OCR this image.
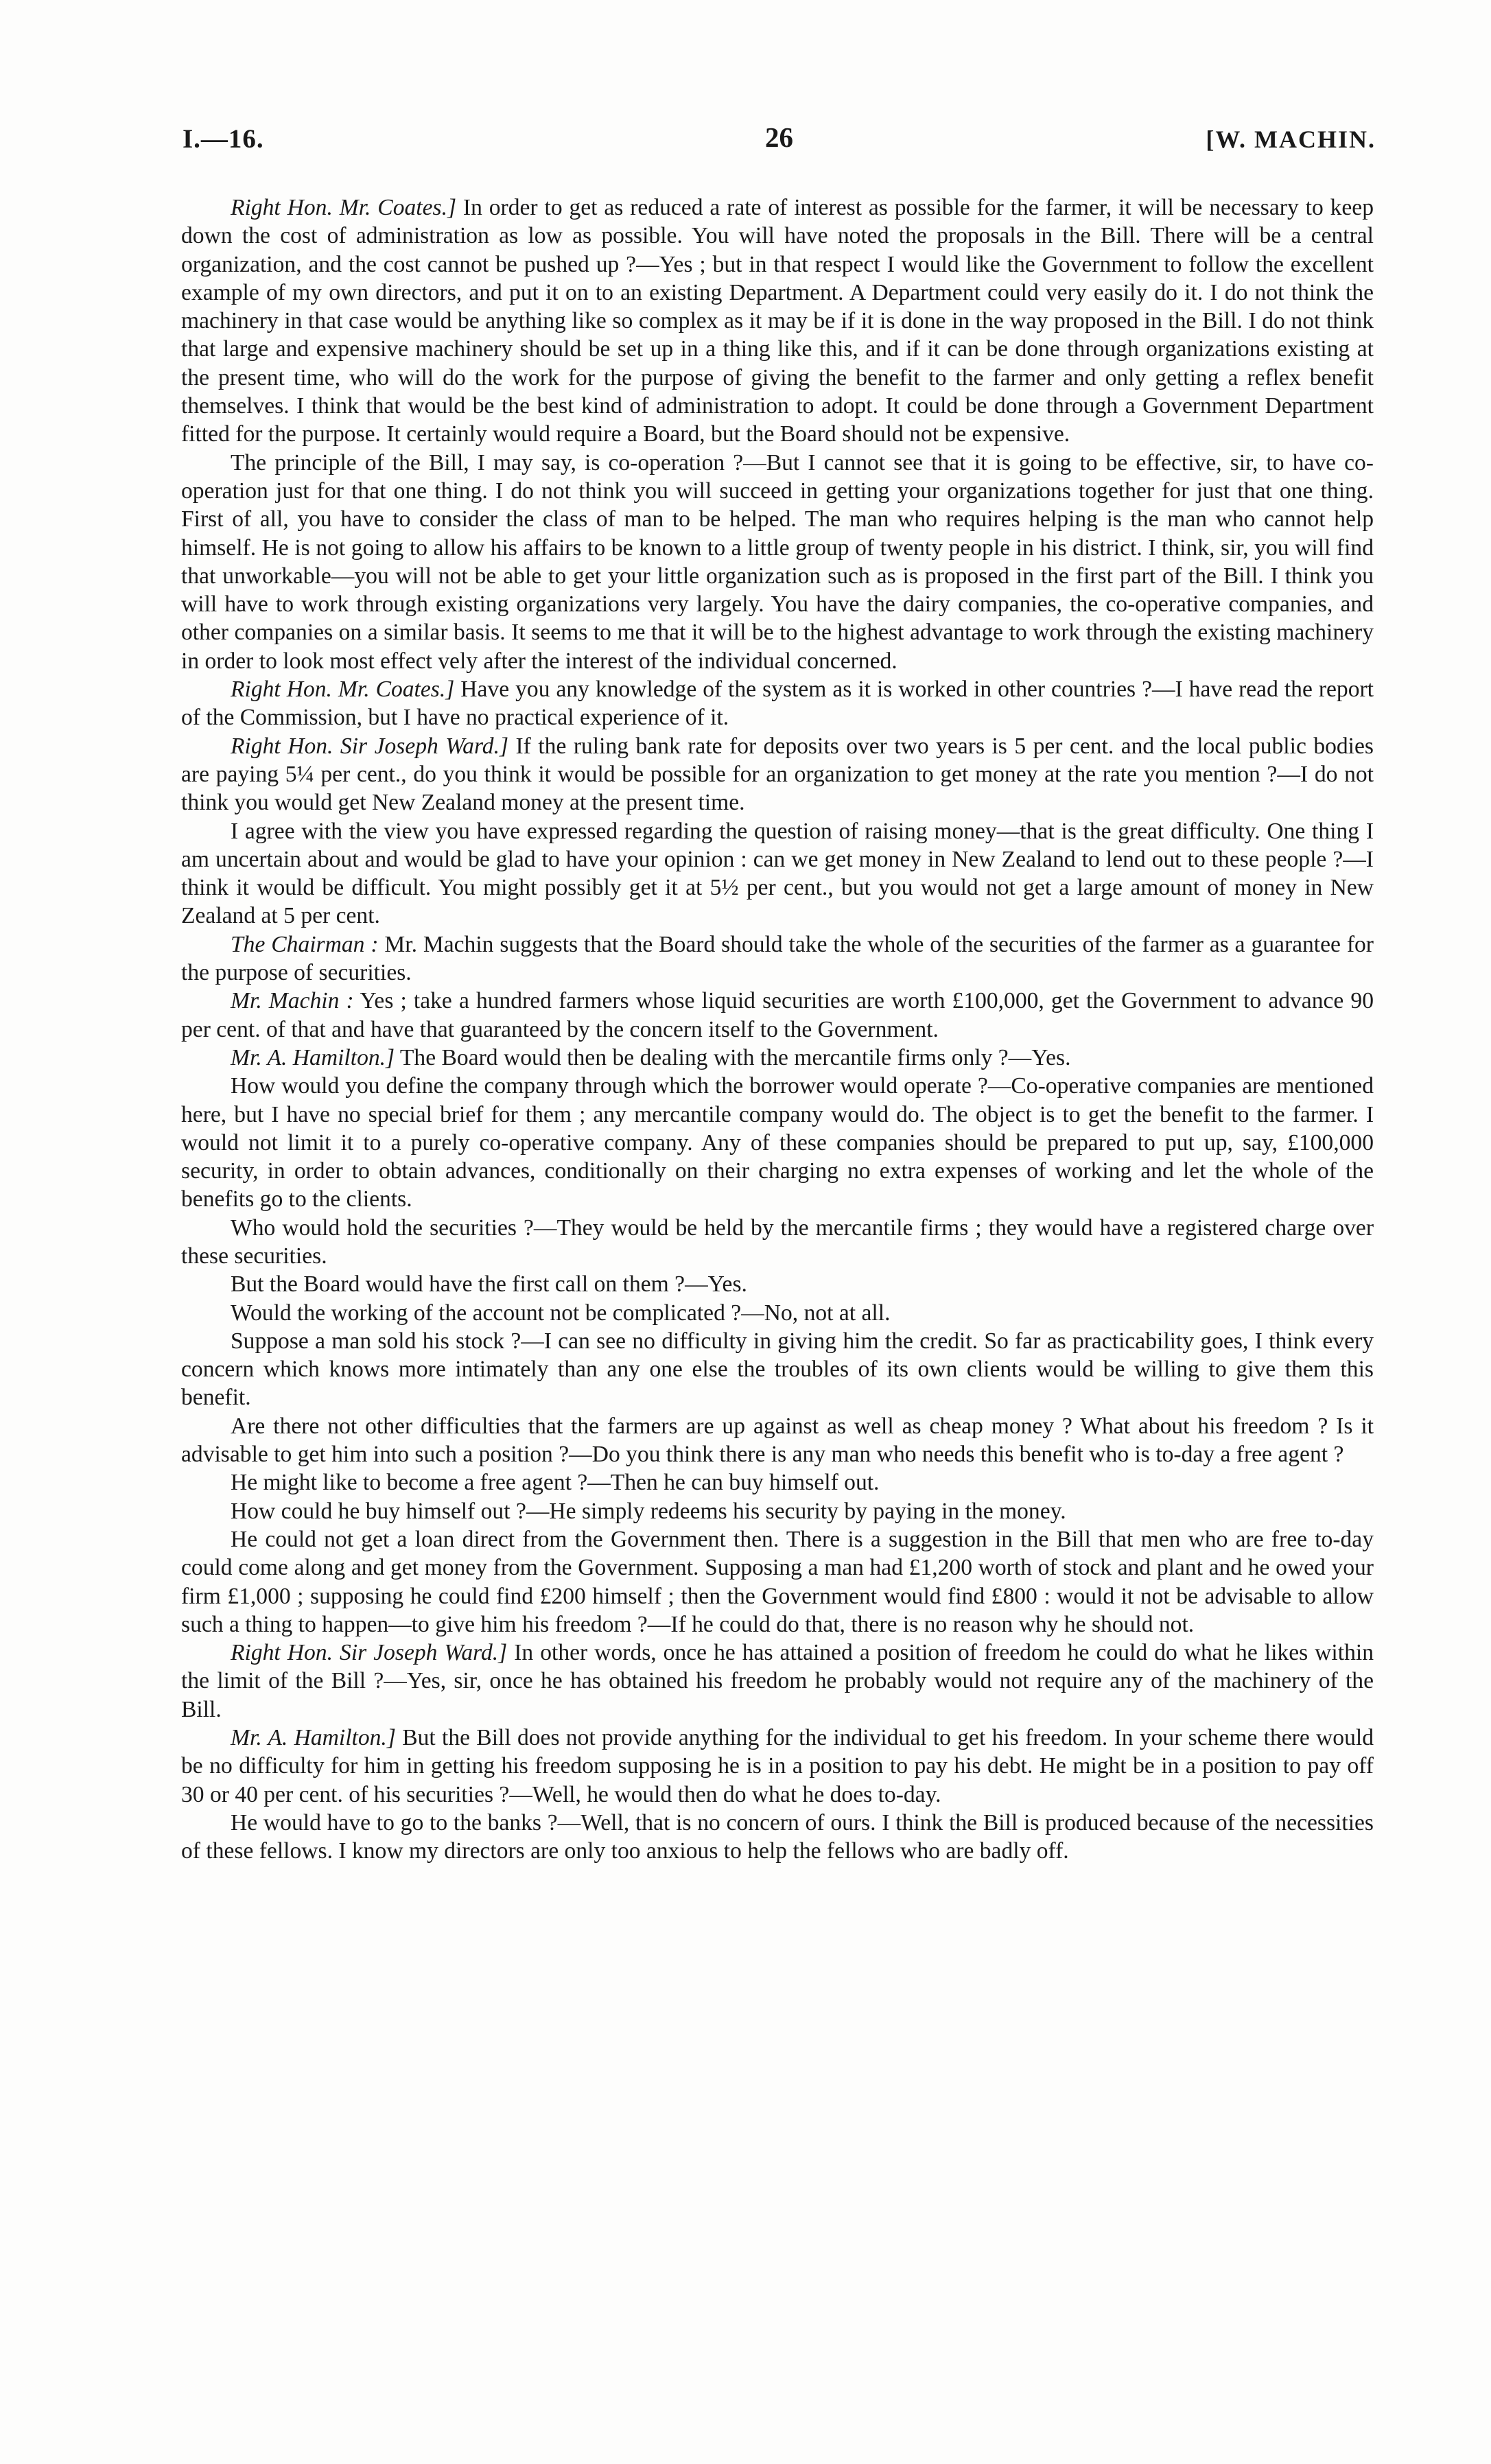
I.—16.	26	[W. MACHIN.

Right Hon. Mr. Coates.] In order to get as reduced a rate of interest as possible for the farmer, it will be necessary to keep down the cost of administration as low as possible. You will have noted the proposals in the Bill. There will be a central organization, and the cost cannot be pushed up ?—Yes ; but in that respect I would like the Government to follow the excellent example of my own directors, and put it on to an existing Department. A Department could very easily do it. I do not think the machinery in that case would be anything like so complex as it may be if it is done in the way proposed in the Bill. I do not think that large and expensive machinery should be set up in a thing like this, and if it can be done through organizations existing at the present time, who will do the work for the purpose of giving the benefit to the farmer and only getting a reflex benefit themselves. I think that would be the best kind of administration to adopt. It could be done through a Government Department fitted for the purpose. It certainly would require a Board, but the Board should not be expensive.

The principle of the Bill, I may say, is co-operation ?—But I cannot see that it is going to be effective, sir, to have co-operation just for that one thing. I do not think you will succeed in getting your organizations together for just that one thing. First of all, you have to consider the class of man to be helped. The man who requires helping is the man who cannot help himself. He is not going to allow his affairs to be known to a little group of twenty people in his district. I think, sir, you will find that unworkable—you will not be able to get your little organization such as is proposed in the first part of the Bill. I think you will have to work through existing organizations very largely. You have the dairy companies, the co-operative companies, and other companies on a similar basis. It seems to me that it will be to the highest advantage to work through the existing machinery in order to look most effect vely after the interest of the individual concerned.

Right Hon. Mr. Coates.] Have you any knowledge of the system as it is worked in other countries ?—I have read the report of the Commission, but I have no practical experience of it.

Right Hon. Sir Joseph Ward.] If the ruling bank rate for deposits over two years is 5 per cent. and the local public bodies are paying 5¼ per cent., do you think it would be possible for an organization to get money at the rate you mention ?—I do not think you would get New Zealand money at the present time.

I agree with the view you have expressed regarding the question of raising money—that is the great difficulty. One thing I am uncertain about and would be glad to have your opinion : can we get money in New Zealand to lend out to these people ?—I think it would be difficult. You might possibly get it at 5½ per cent., but you would not get a large amount of money in New Zealand at 5 per cent.

The Chairman : Mr. Machin suggests that the Board should take the whole of the securities of the farmer as a guarantee for the purpose of securities.

Mr. Machin : Yes ; take a hundred farmers whose liquid securities are worth £100,000, get the Government to advance 90 per cent. of that and have that guaranteed by the concern itself to the Government.

Mr. A. Hamilton.] The Board would then be dealing with the mercantile firms only ?—Yes.

How would you define the company through which the borrower would operate ?—Co-operative companies are mentioned here, but I have no special brief for them ; any mercantile company would do. The object is to get the benefit to the farmer. I would not limit it to a purely co-operative company. Any of these companies should be prepared to put up, say, £100,000 security, in order to obtain advances, conditionally on their charging no extra expenses of working and let the whole of the benefits go to the clients.

Who would hold the securities ?—They would be held by the mercantile firms ; they would have a registered charge over these securities.

But the Board would have the first call on them ?—Yes.

Would the working of the account not be complicated ?—No, not at all.

Suppose a man sold his stock ?—I can see no difficulty in giving him the credit. So far as practicability goes, I think every concern which knows more intimately than any one else the troubles of its own clients would be willing to give them this benefit.

Are there not other difficulties that the farmers are up against as well as cheap money ? What about his freedom ? Is it advisable to get him into such a position ?—Do you think there is any man who needs this benefit who is to-day a free agent ?

He might like to become a free agent ?—Then he can buy himself out.

How could he buy himself out ?—He simply redeems his security by paying in the money.

He could not get a loan direct from the Government then. There is a suggestion in the Bill that men who are free to-day could come along and get money from the Government. Supposing a man had £1,200 worth of stock and plant and he owed your firm £1,000 ; supposing he could find £200 himself ; then the Government would find £800 : would it not be advisable to allow such a thing to happen—to give him his freedom ?—If he could do that, there is no reason why he should not.

Right Hon. Sir Joseph Ward.] In other words, once he has attained a position of freedom he could do what he likes within the limit of the Bill ?—Yes, sir, once he has obtained his freedom he probably would not require any of the machinery of the Bill.

Mr. A. Hamilton.] But the Bill does not provide anything for the individual to get his freedom. In your scheme there would be no difficulty for him in getting his freedom supposing he is in a position to pay his debt. He might be in a position to pay off 30 or 40 per cent. of his securities ?—Well, he would then do what he does to-day.

He would have to go to the banks ?—Well, that is no concern of ours. I think the Bill is produced because of the necessities of these fellows. I know my directors are only too anxious to help the fellows who are badly off.
